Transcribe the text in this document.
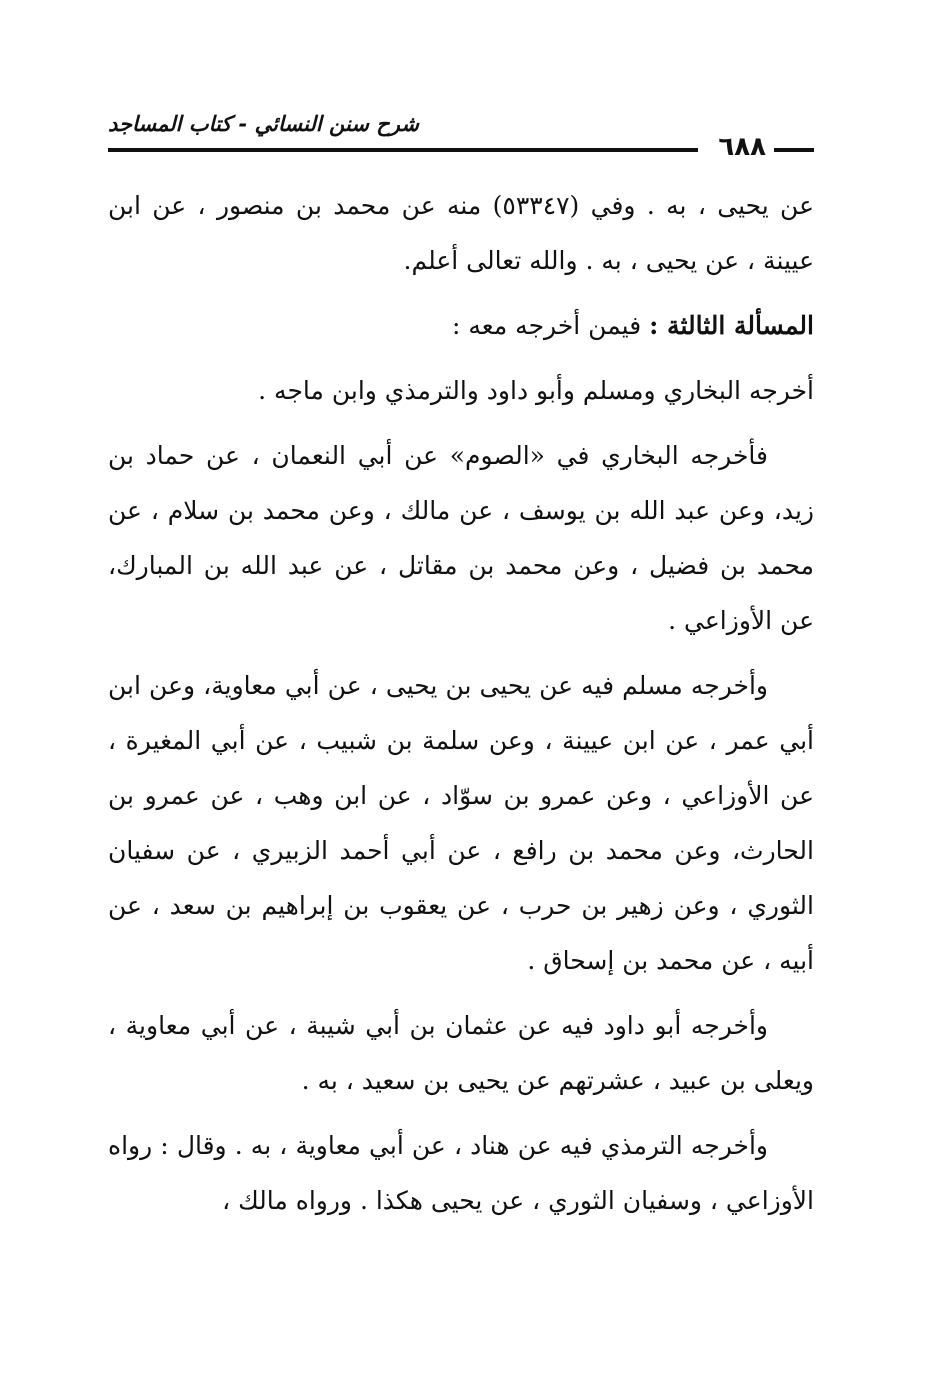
شرح سنن النسائي - كتاب المساجد
٦٨٨

عن يحيى ، به . وفي (٥٣٣٤٧) منه عن محمد بن منصور ، عن ابن عيينة ، عن يحيى ، به . والله تعالى أعلم.

المسألة الثالثة : فيمن أخرجه معه :

أخرجه البخاري ومسلم وأبو داود والترمذي وابن ماجه .

فأخرجه البخاري في «الصوم» عن أبي النعمان ، عن حماد بن زيد، وعن عبد الله بن يوسف ، عن مالك ، وعن محمد بن سلام ، عن محمد بن فضيل ، وعن محمد بن مقاتل ، عن عبد الله بن المبارك، عن الأوزاعي .

وأخرجه مسلم فيه عن يحيى بن يحيى ، عن أبي معاوية، وعن ابن أبي عمر ، عن ابن عيينة ، وعن سلمة بن شبيب ، عن أبي المغيرة ، عن الأوزاعي ، وعن عمرو بن سوّاد ، عن ابن وهب ، عن عمرو بن الحارث، وعن محمد بن رافع ، عن أبي أحمد الزبيري ، عن سفيان الثوري ، وعن زهير بن حرب ، عن يعقوب بن إبراهيم بن سعد ، عن أبيه ، عن محمد بن إسحاق .

وأخرجه أبو داود فيه عن عثمان بن أبي شيبة ، عن أبي معاوية ، ويعلى بن عبيد ، عشرتهم عن يحيى بن سعيد ، به .

وأخرجه الترمذي فيه عن هناد ، عن أبي معاوية ، به . وقال : رواه الأوزاعي ، وسفيان الثوري ، عن يحيى هكذا . ورواه مالك ،
